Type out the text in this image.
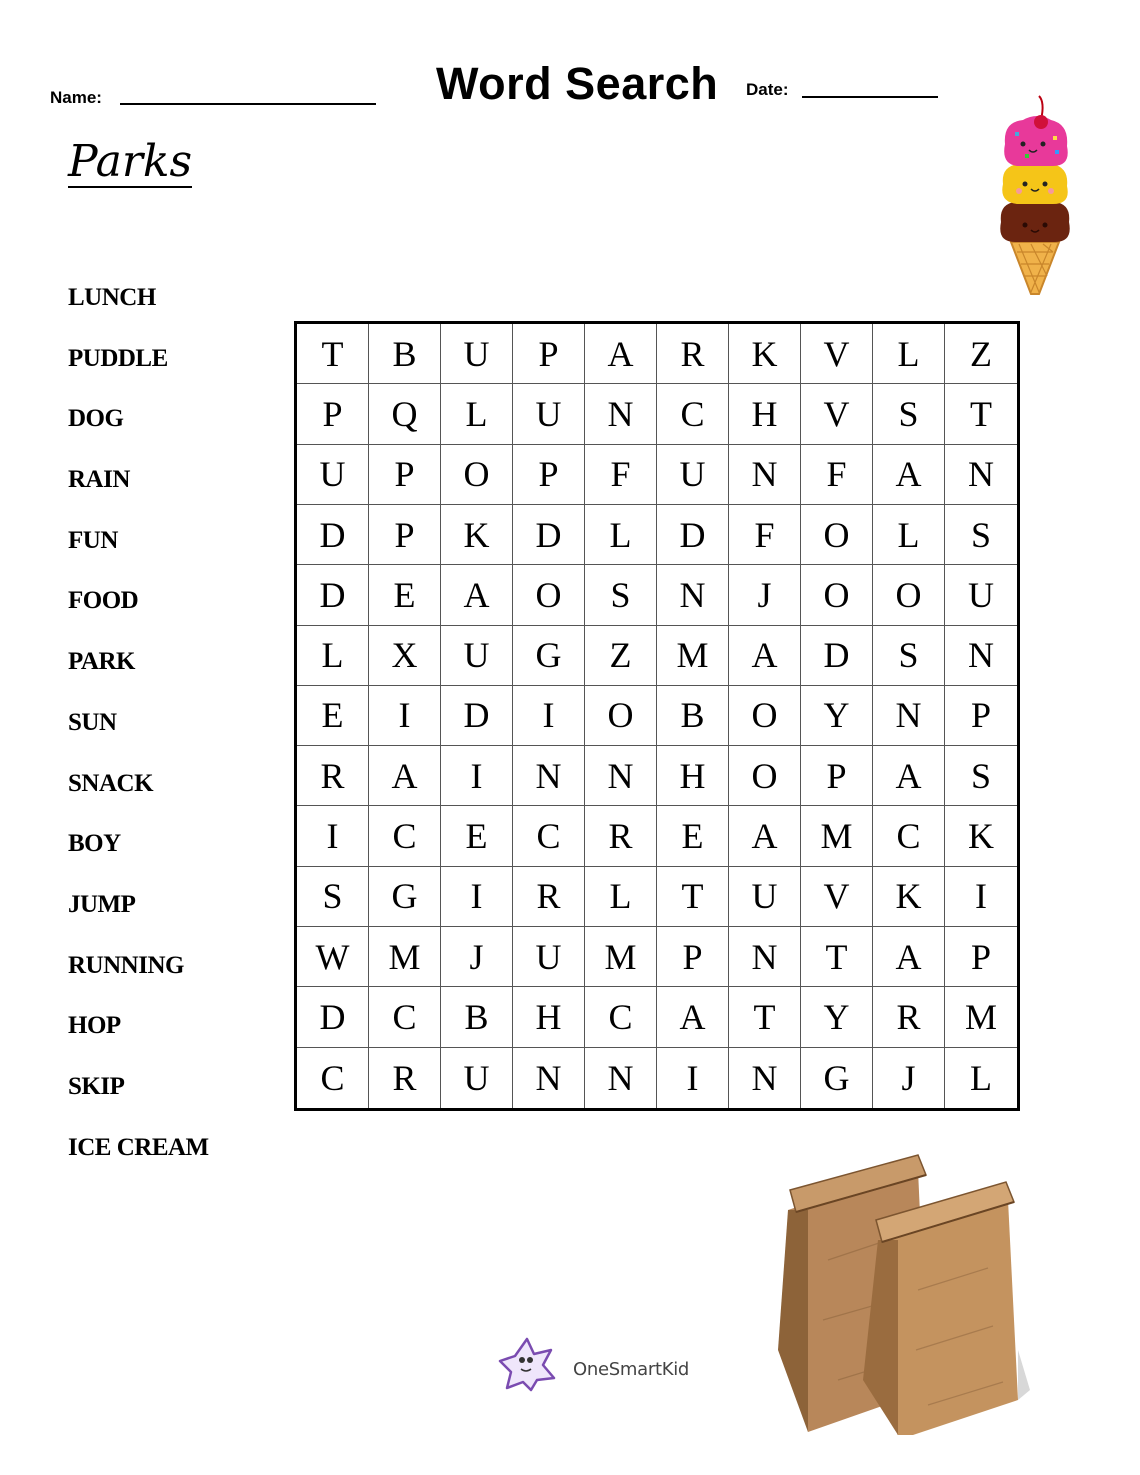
Name:	Word Search Date:
Parks
LUNCH
PUDDLE
DOG
RAIN
FUN
FOOD
PARK
SUN
SNACK
BOY
JUMP
RUNNING
HOP
SKIP
ICE CREAM
T	B	U	P	A	R	K	V	L	Z
P	Q	L	U	N	C	H	V	S	T
U	P	O	P	F	U	N	F	A	N
D	P	K	D	L	D	F	O	L	S
D	E	A	O	S	N	J	O	O	U
L	X	U	G	Z	M	A	D	S	N
E	I	D	I	O	B	O	Y	N	P
R	A	I	N	N	H	O	P	A	S
I	C	E	C	R	E	A	M	C	K
S	G	I	R	L	T	U	V	K	I
W	M	J	U	M	P	N	T	A	P
D	C	B	H	C	A	T	Y	R	M
C	R	U	N	N	I	N	G	J	L
OneSmartKid
